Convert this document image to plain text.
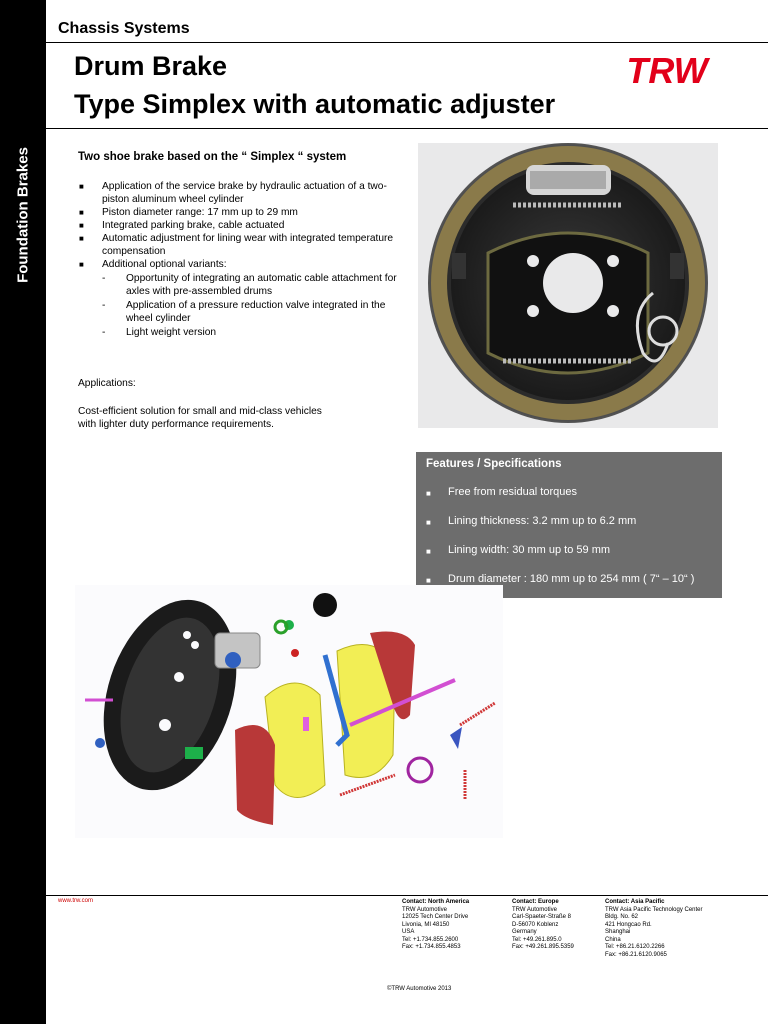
Foundation Brakes
Chassis Systems
Drum Brake
Type Simplex with automatic adjuster
TRW
Two shoe brake based on the “ Simplex “ system
■ Application of the service brake by hydraulic actuation of a two-piston aluminum wheel cylinder
■ Piston diameter range: 17 mm up to 29 mm
■ Integrated parking brake, cable actuated
■ Automatic adjustment for lining wear with integrated temperature compensation
■ Additional optional variants:
- Opportunity of integrating an automatic cable attachment for axles with pre-assembled drums
- Application of a pressure reduction valve integrated in the wheel cylinder
- Light weight version
Applications:
Cost-efficient solution for small and mid-class vehicles with lighter duty performance requirements.
Features / Specifications
■ Free from residual torques
■ Lining thickness: 3.2 mm up to 6.2 mm
■ Lining width: 30 mm up to 59 mm
■ Drum diameter : 180 mm up to 254 mm ( 7“ – 10“ )
www.trw.com	Contact: North America
TRW Automotive
12025 Tech Center Drive
Livonia, MI 48150
USA
Tel: +1.734.855.2600
Fax: +1.734.855.4853
Contact: Europe
TRW Automotive
Carl-Spaeter-Straße 8
D-56070 Koblenz
Germany
Tel: +49.261.895.0
Fax: +49.261.895.5359
Contact: Asia Pacific
TRW Asia Pacific Technology Center
Bldg. No. 62
421 Hongcao Rd.
Shanghai
China
Tel: +86.21.6120.2266
Fax: +86.21.6120.9065
©TRW Automotive 2013
